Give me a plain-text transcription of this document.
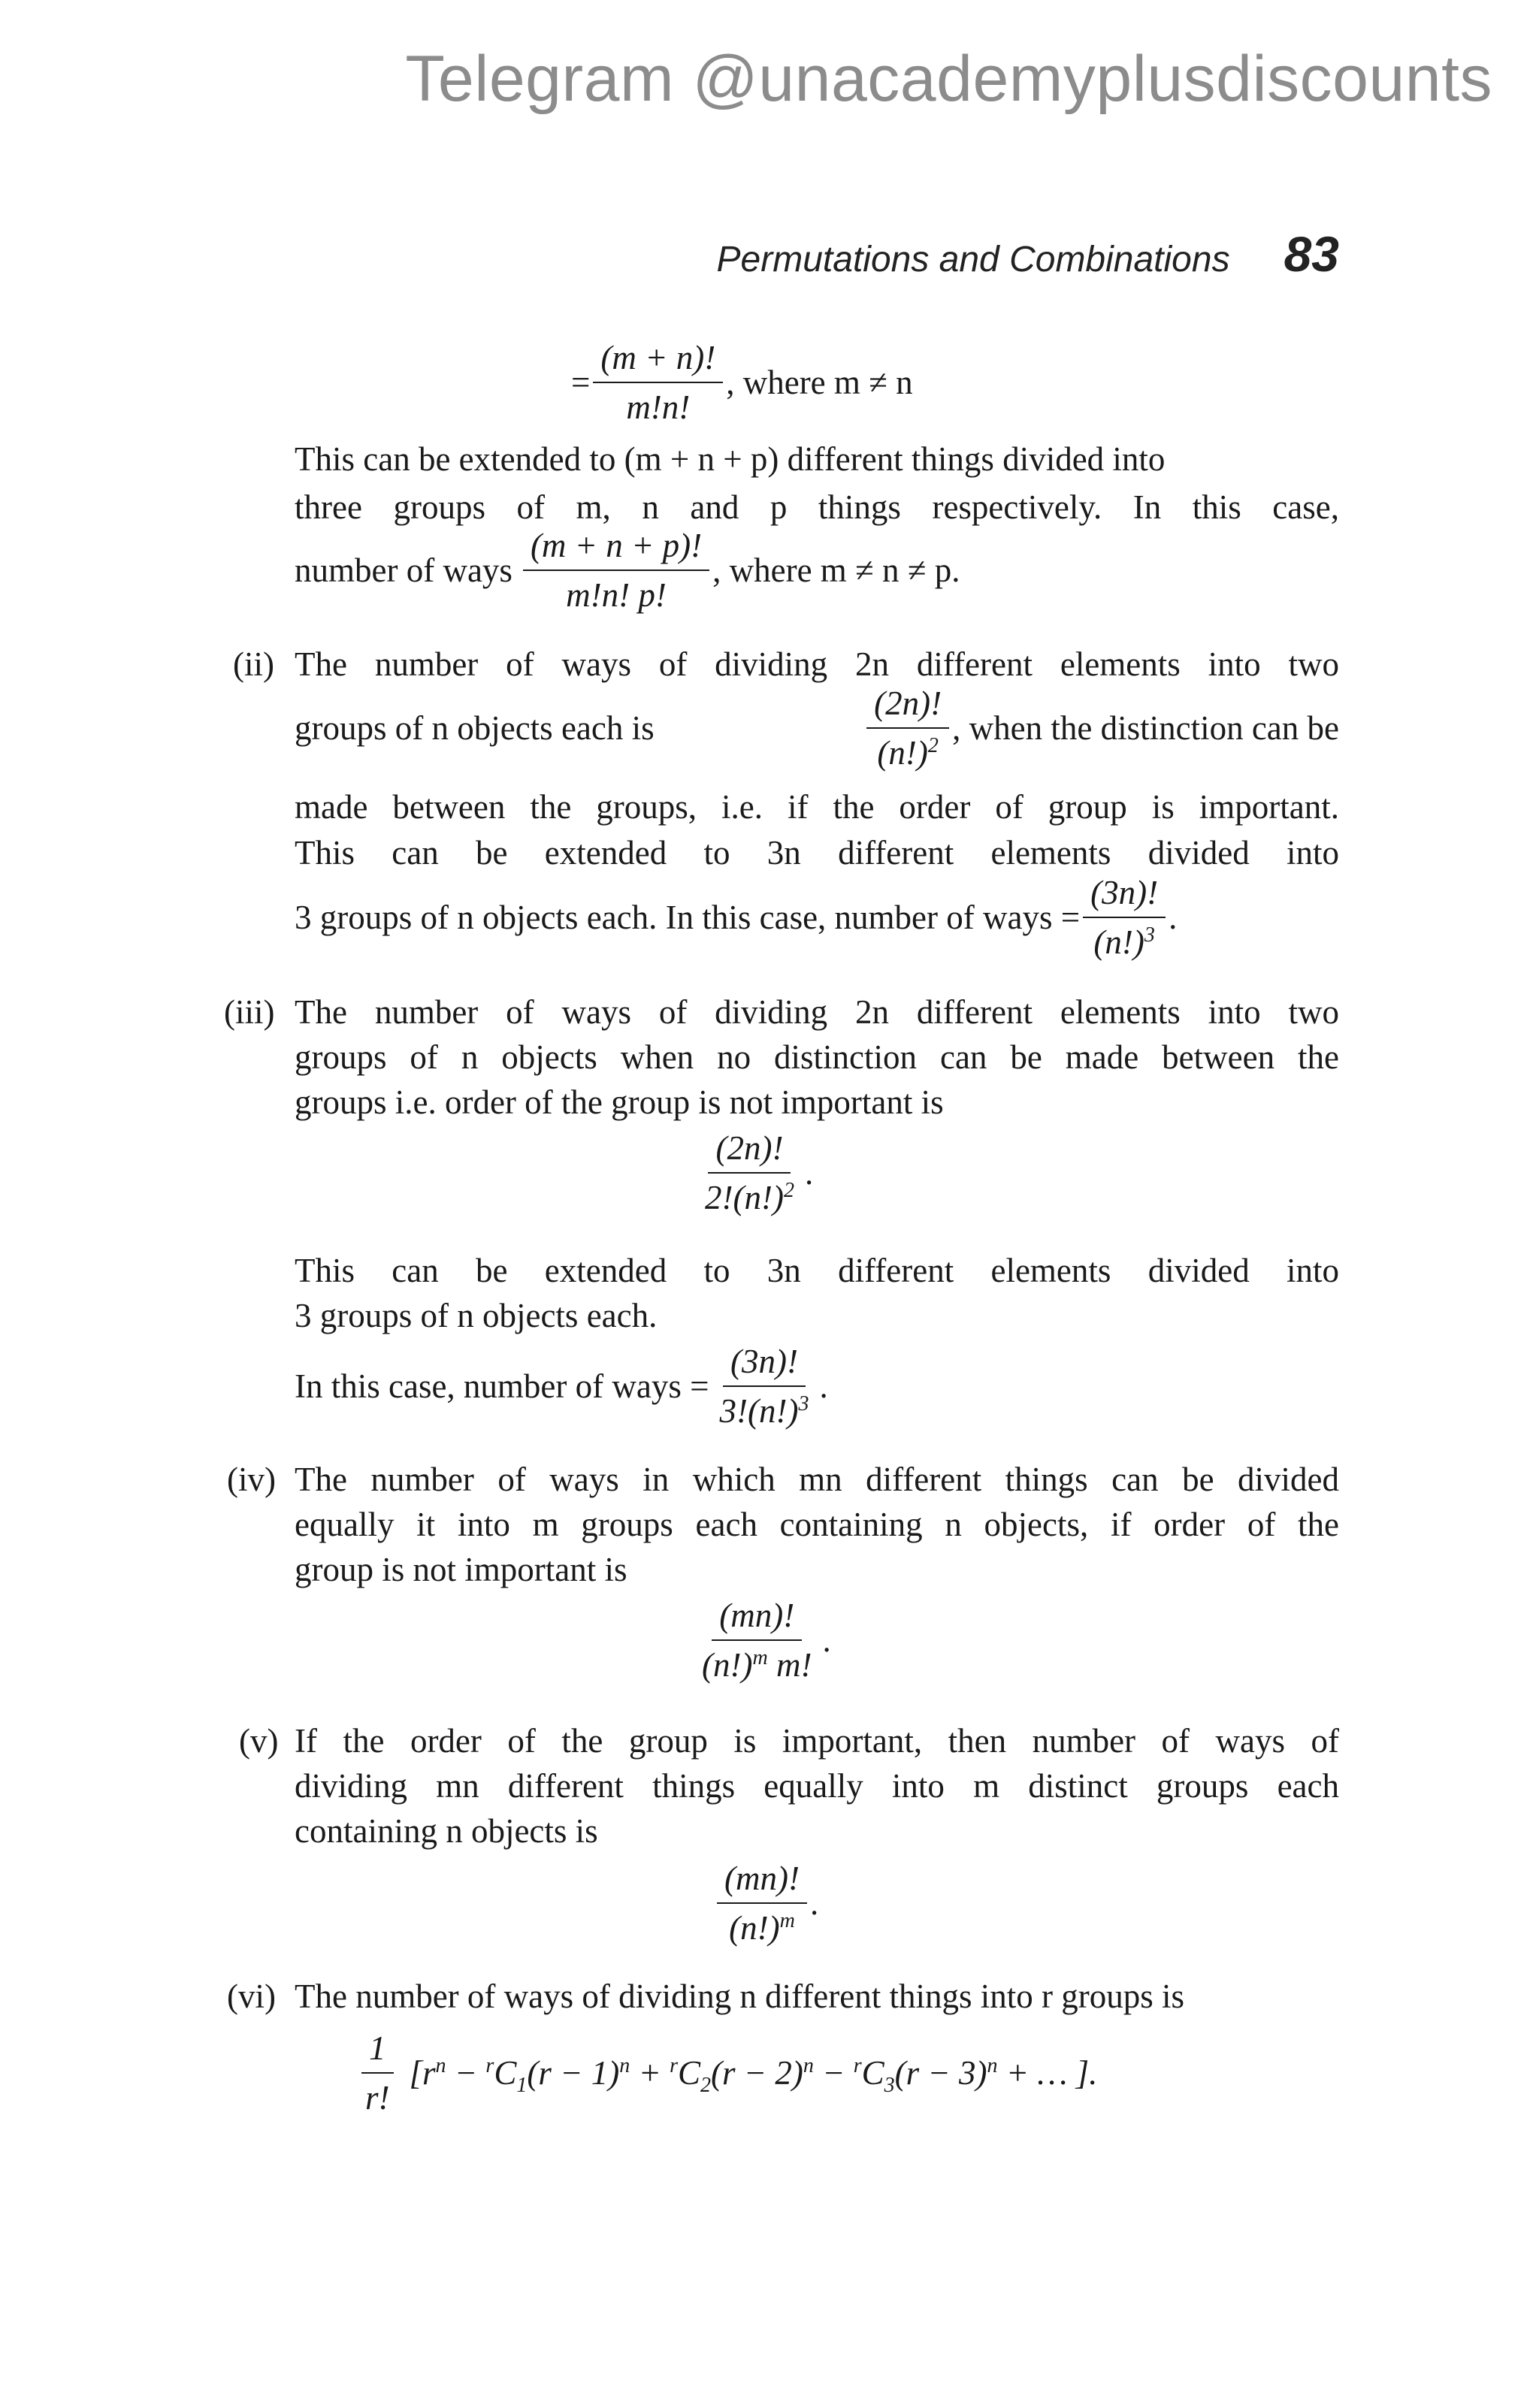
Telegram @unacademyplusdiscounts
Permutations and Combinations 83
= $\frac{(m + n)!}{m!n!}$ , where m ≠ n
This can be extended to (m + n + p) different things divided into
three groups of m, n and p things respectively. In this case,
number of ways $\frac{(m + n + p)!}{m!n! p!}$ , where m ≠ n ≠ p.
(ii) The number of ways of dividing 2n different elements into two
groups of n objects each is	$\frac{(2n)!}{(n!)^2}$ , when the distinction can be
made between the groups, i.e. if the order of group is important.
This can be extended to 3n different elements divided into
3 groups of n objects each. In this case, number of ways = $\frac{(3n)!}{(n!)^3}$ .
(iii) The number of ways of dividing 2n different elements into two
groups of n objects when no distinction can be made between the
groups i.e. order of the group is not important is
$\frac{(2n)!}{2!(n!)^2}$ .
This can be extended to 3n different elements divided into
3 groups of n objects each.
In this case, number of ways = $\frac{(3n)!}{3!(n!)^3}$ .
(iv) The number of ways in which mn different things can be divided
equally it into m groups each containing n objects, if order of the
group is not important is
$\frac{(mn)!}{(n!)^m m!}$ .
(v) If the order of the group is important, then number of ways of
dividing mn different things equally into m distinct groups each
containing n objects is
$\frac{(mn)!}{(n!)^m}$ .
(vi) The number of ways of dividing n different things into r groups is
$\frac{1}{r!} [r^n - ^rC_1(r - 1)^n + ^rC_2(r - 2)^n - ^rC_3(r - 3)^n$ + … ].
